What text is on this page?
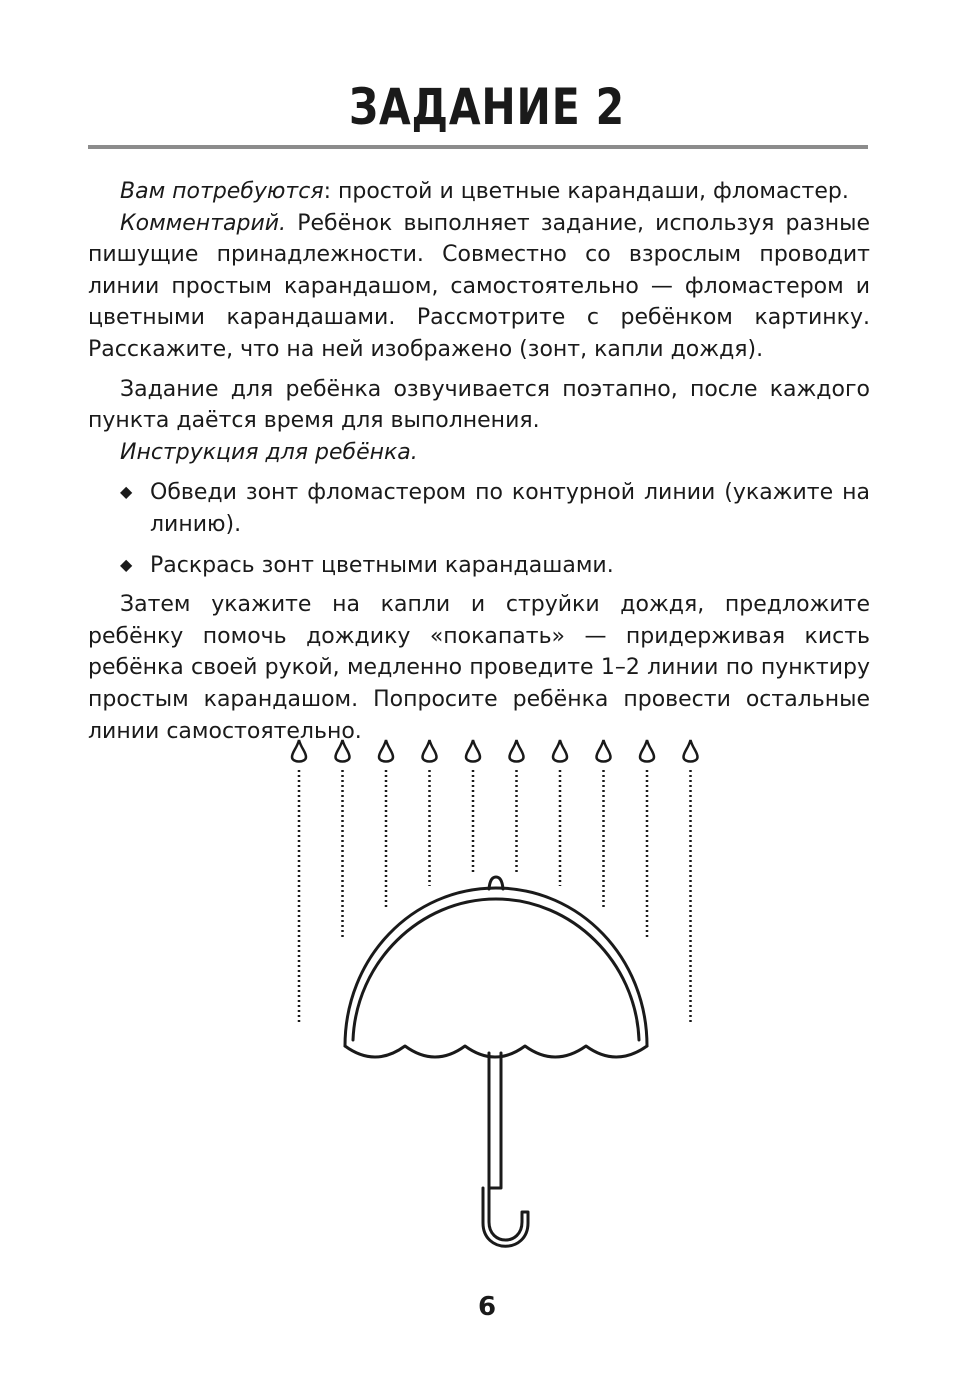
ЗАДАНИЕ 2

Вам потребуются: простой и цветные карандаши, фломастер.

Комментарий. Ребёнок выполняет задание, используя разные пишущие принадлежности. Совместно со взрослым проводит линии простым карандашом, самостоятельно — фломастером и цветными карандашами. Рассмотрите с ребёнком картинку. Расскажите, что на ней изображено (зонт, капли дождя).

Задание для ребёнка озвучивается поэтапно, после каждого пункта даётся время для выполнения.

Инструкция для ребёнка.

◆ Обведи зонт фломастером по контурной линии (укажите на линию).
◆ Раскрась зонт цветными карандашами.

Затем укажите на капли и струйки дождя, предложите ребёнку помочь дождику «покапать» — придерживая кисть ребёнка своей рукой, медленно проведите 1–2 линии по пунктиру простым карандашом. Попросите ребёнка провести остальные линии самостоятельно.

6
